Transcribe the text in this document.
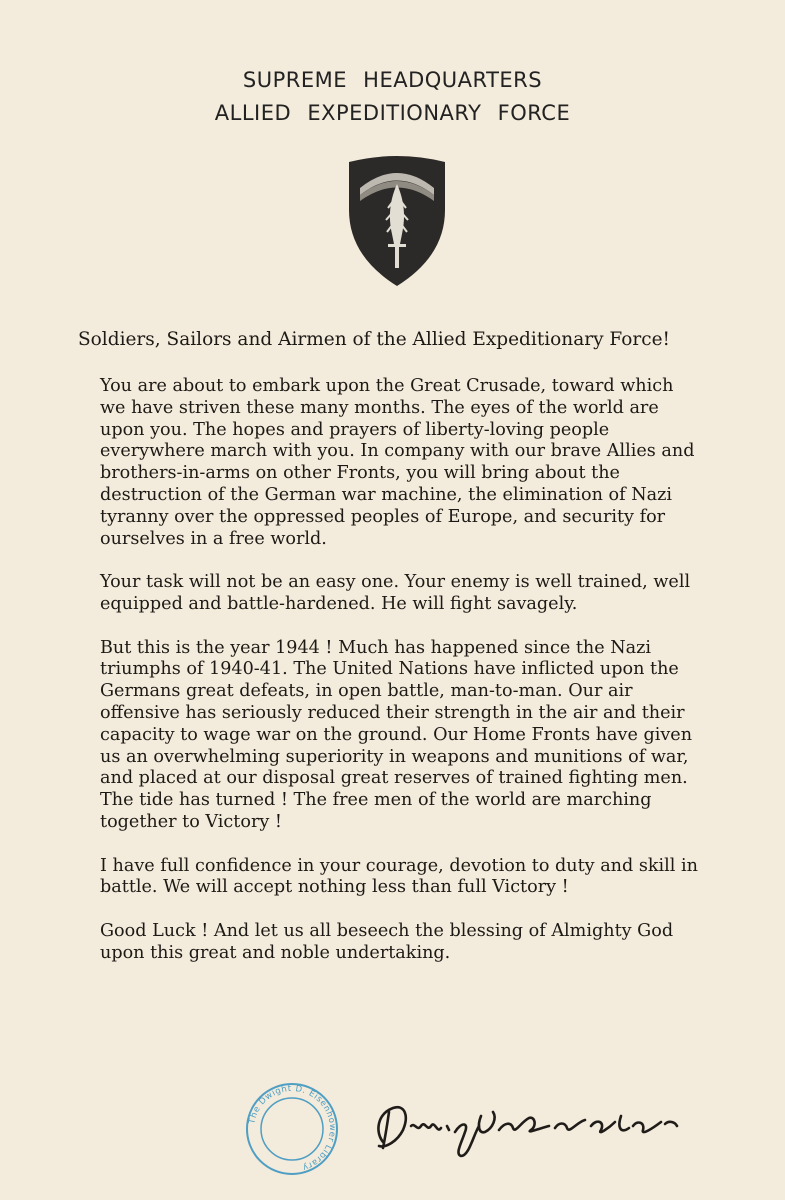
SUPREME HEADQUARTERS
ALLIED EXPEDITIONARY FORCE
Soldiers, Sailors and Airmen of the Allied Expeditionary Force!

You are about to embark upon the Great Crusade, toward which we have striven these many months. The eyes of the world are upon you. The hopes and prayers of liberty-loving people everywhere march with you. In company with our brave Allies and brothers-in-arms on other Fronts, you will bring about the destruction of the German war machine, the elimination of Nazi tyranny over the oppressed peoples of Europe, and security for ourselves in a free world.

Your task will not be an easy one. Your enemy is well trained, well equipped and battle-hardened. He will fight savagely.

But this is the year 1944 ! Much has happened since the Nazi triumphs of 1940-41. The United Nations have inflicted upon the Germans great defeats, in open battle, man-to-man. Our air offensive has seriously reduced their strength in the air and their capacity to wage war on the ground. Our Home Fronts have given us an overwhelming superiority in weapons and munitions of war, and placed at our disposal great reserves of trained fighting men. The tide has turned ! The free men of the world are marching together to Victory !

I have full confidence in your courage, devotion to duty and skill in battle. We will accept nothing less than full Victory !

Good Luck ! And let us all beseech the blessing of Almighty God upon this great and noble undertaking.

The Dwight D. Eisenhower Library
